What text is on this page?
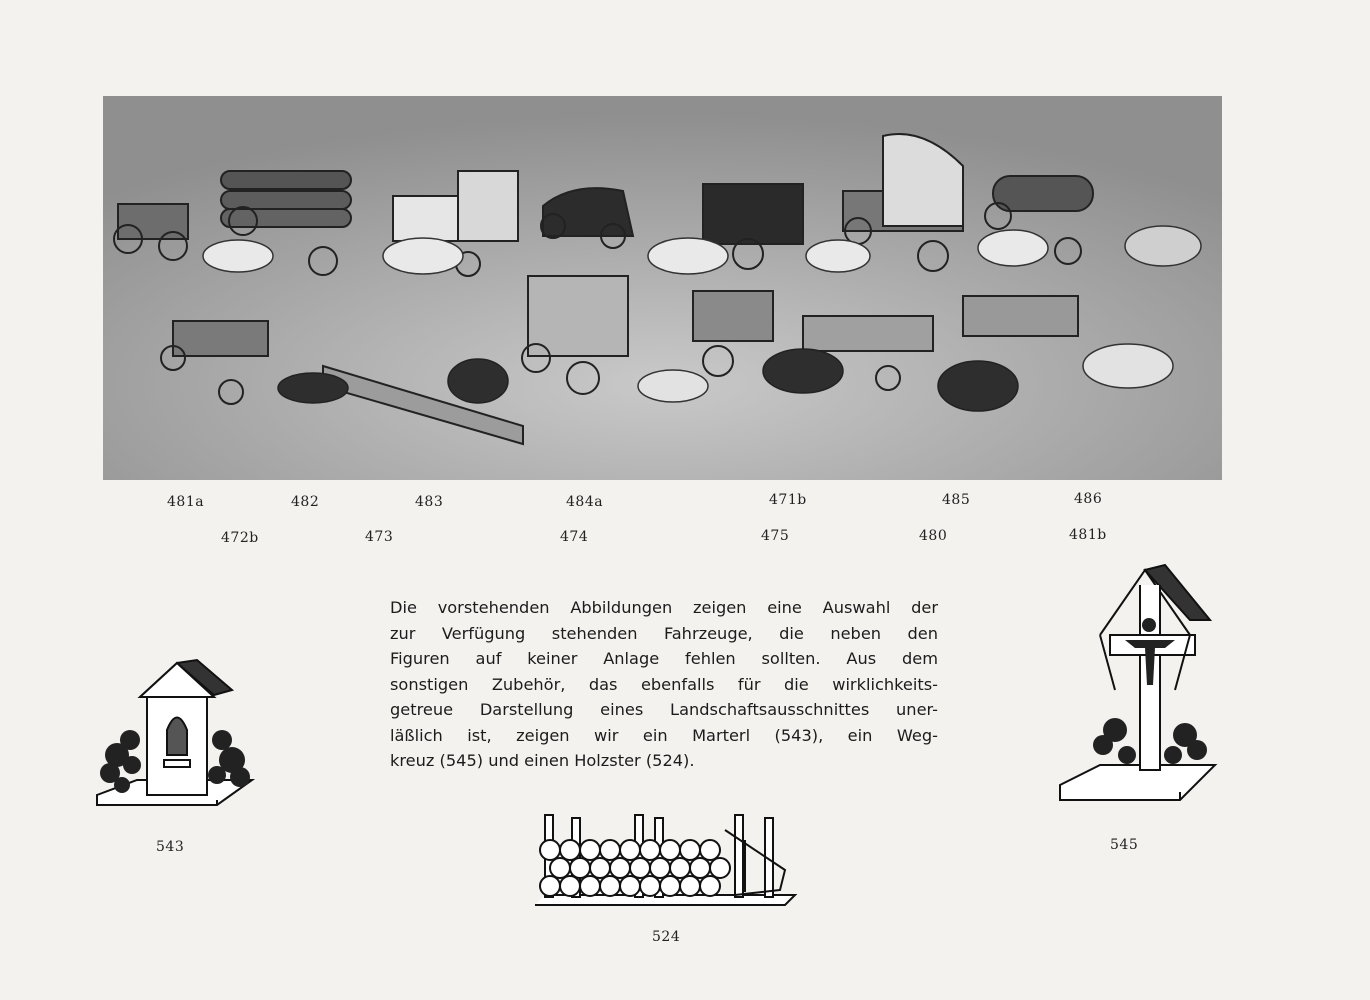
481a	482	483	484a	471b	485	486
472b	473	474	475	480	481b
Die vorstehenden Abbildungen zeigen eine Auswahl der
zur Verfügung stehenden Fahrzeuge, die neben den
Figuren auf keiner Anlage fehlen sollten. Aus dem
sonstigen Zubehör, das ebenfalls für die wirklichkeits-
getreue Darstellung eines Landschaftsausschnittes uner-
läßlich ist, zeigen wir ein Marterl (543), ein Weg-
kreuz (545) und einen Holzster (524).
543	545
524
